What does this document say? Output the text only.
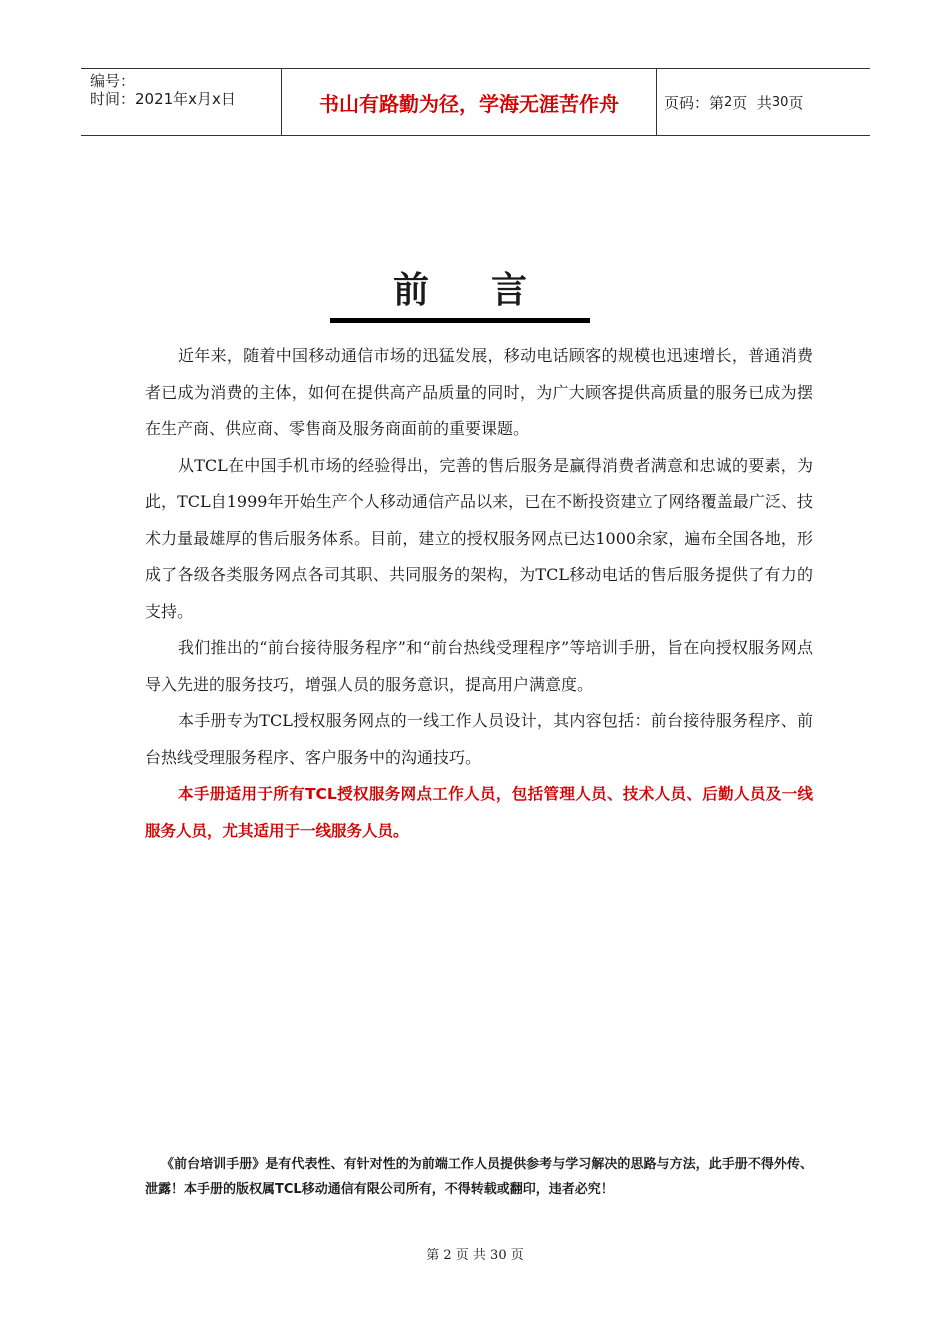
编号：
时间：2021年x月x日	书山有路勤为径，学海无涯苦作舟	页码：第 2 页  共 30 页
前 言

近年来，随着中国移动通信市场的迅猛发展，移动电话顾客的规模也迅速增长，普通消费者已成为消费的主体，如何在提供高产品质量的同时，为广大顾客提供高质量的服务已成为摆在生产商、供应商、零售商及服务商面前的重要课题。

从TCL在中国手机市场的经验得出，完善的售后服务是赢得消费者满意和忠诚的要素，为此，TCL自1999年开始生产个人移动通信产品以来，已在不断投资建立了网络覆盖最广泛、技术力量最雄厚的售后服务体系。目前，建立的授权服务网点已达1000余家，遍布全国各地，形成了各级各类服务网点各司其职、共同服务的架构，为TCL移动电话的售后服务提供了有力的支持。

我们推出的“前台接待服务程序”和“前台热线受理程序”等培训手册，旨在向授权服务网点导入先进的服务技巧，增强人员的服务意识，提高用户满意度。

本手册专为TCL授权服务网点的一线工作人员设计，其内容包括：前台接待服务程序、前台热线受理服务程序、客户服务中的沟通技巧。

本手册适用于所有TCL授权服务网点工作人员，包括管理人员、技术人员、后勤人员及一线服务人员，尤其适用于一线服务人员。

《前台培训手册》是有代表性、有针对性的为前端工作人员提供参考与学习解决的思路与方法，此手册不得外传、泄露！本手册的版权属TCL移动通信有限公司所有，不得转载或翻印，违者必究！

第 2 页 共 30 页
